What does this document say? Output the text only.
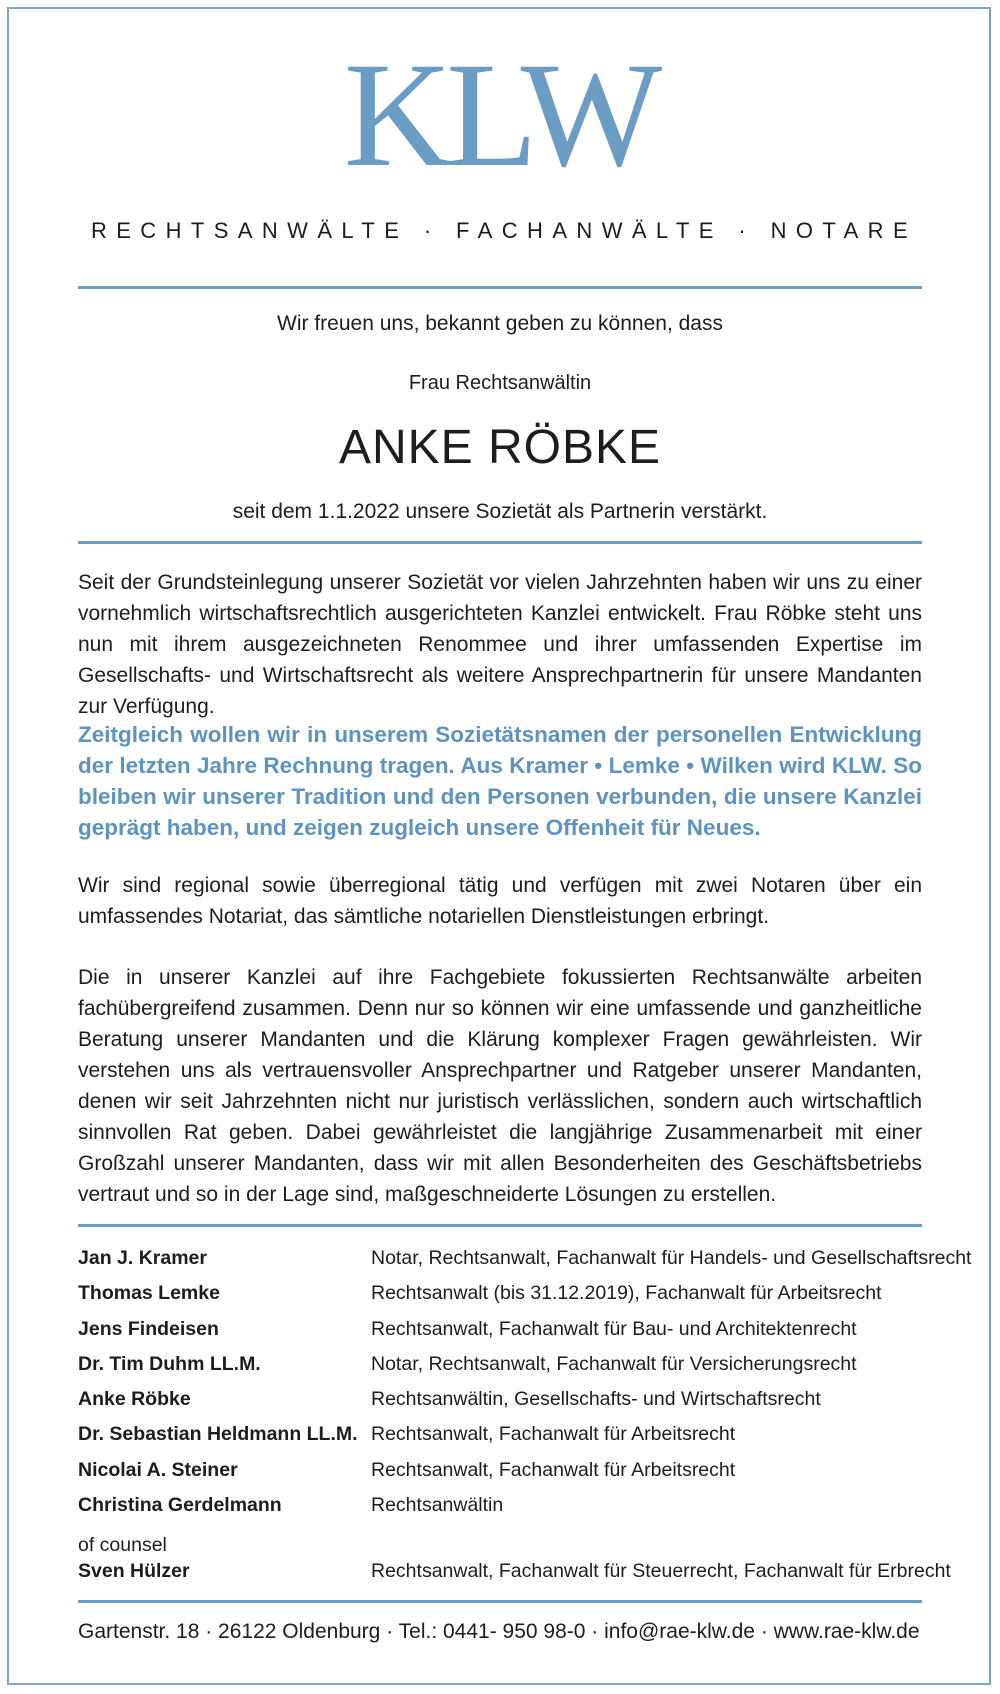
KLW
RECHTSANWÄLTE · FACHANWÄLTE · NOTARE
Wir freuen uns, bekannt geben zu können, dass
Frau Rechtsanwältin
ANKE RÖBKE
seit dem 1.1.2022 unsere Sozietät als Partnerin verstärkt.

Seit der Grundsteinlegung unserer Sozietät vor vielen Jahrzehnten haben wir uns zu einer vornehmlich wirtschaftsrechtlich ausgerichteten Kanzlei entwickelt. Frau Röbke steht uns nun mit ihrem ausgezeichneten Renommee und ihrer umfassenden Expertise im Gesellschafts- und Wirtschaftsrecht als weitere Ansprechpartnerin für unsere Mandanten zur Verfügung.

Zeitgleich wollen wir in unserem Sozietätsnamen der personellen Entwicklung der letzten Jahre Rechnung tragen. Aus Kramer • Lemke • Wilken wird KLW. So bleiben wir unserer Tradition und den Personen verbunden, die unsere Kanzlei geprägt haben, und zeigen zugleich unsere Offenheit für Neues.

Wir sind regional sowie überregional tätig und verfügen mit zwei Notaren über ein umfassendes Notariat, das sämtliche notariellen Dienstleistungen erbringt.

Die in unserer Kanzlei auf ihre Fachgebiete fokussierten Rechtsanwälte arbeiten fachübergreifend zusammen. Denn nur so können wir eine umfassende und ganzheitliche Beratung unserer Mandanten und die Klärung komplexer Fragen gewährleisten. Wir verstehen uns als vertrauensvoller Ansprechpartner und Ratgeber unserer Mandanten, denen wir seit Jahrzehnten nicht nur juristisch verlässlichen, sondern auch wirtschaftlich sinnvollen Rat geben. Dabei gewährleistet die langjährige Zusammenarbeit mit einer Großzahl unserer Mandanten, dass wir mit allen Besonderheiten des Geschäftsbetriebs vertraut und so in der Lage sind, maßgeschneiderte Lösungen zu erstellen.

Jan J. Kramer	Notar, Rechtsanwalt, Fachanwalt für Handels- und Gesellschaftsrecht
Thomas Lemke	Rechtsanwalt (bis 31.12.2019), Fachanwalt für Arbeitsrecht
Jens Findeisen	Rechtsanwalt, Fachanwalt für Bau- und Architektenrecht
Dr. Tim Duhm LL.M.	Notar, Rechtsanwalt, Fachanwalt für Versicherungsrecht
Anke Röbke	Rechtsanwältin, Gesellschafts- und Wirtschaftsrecht
Dr. Sebastian Heldmann LL.M. Rechtsanwalt, Fachanwalt für Arbeitsrecht
Nicolai A. Steiner	Rechtsanwalt, Fachanwalt für Arbeitsrecht
Christina Gerdelmann	Rechtsanwältin
of counsel
Sven Hülzer	Rechtsanwalt, Fachanwalt für Steuerrecht, Fachanwalt für Erbrecht
Gartenstr. 18 · 26122 Oldenburg · Tel.: 0441- 950 98-0 · info@rae-klw.de · www.rae-klw.de
